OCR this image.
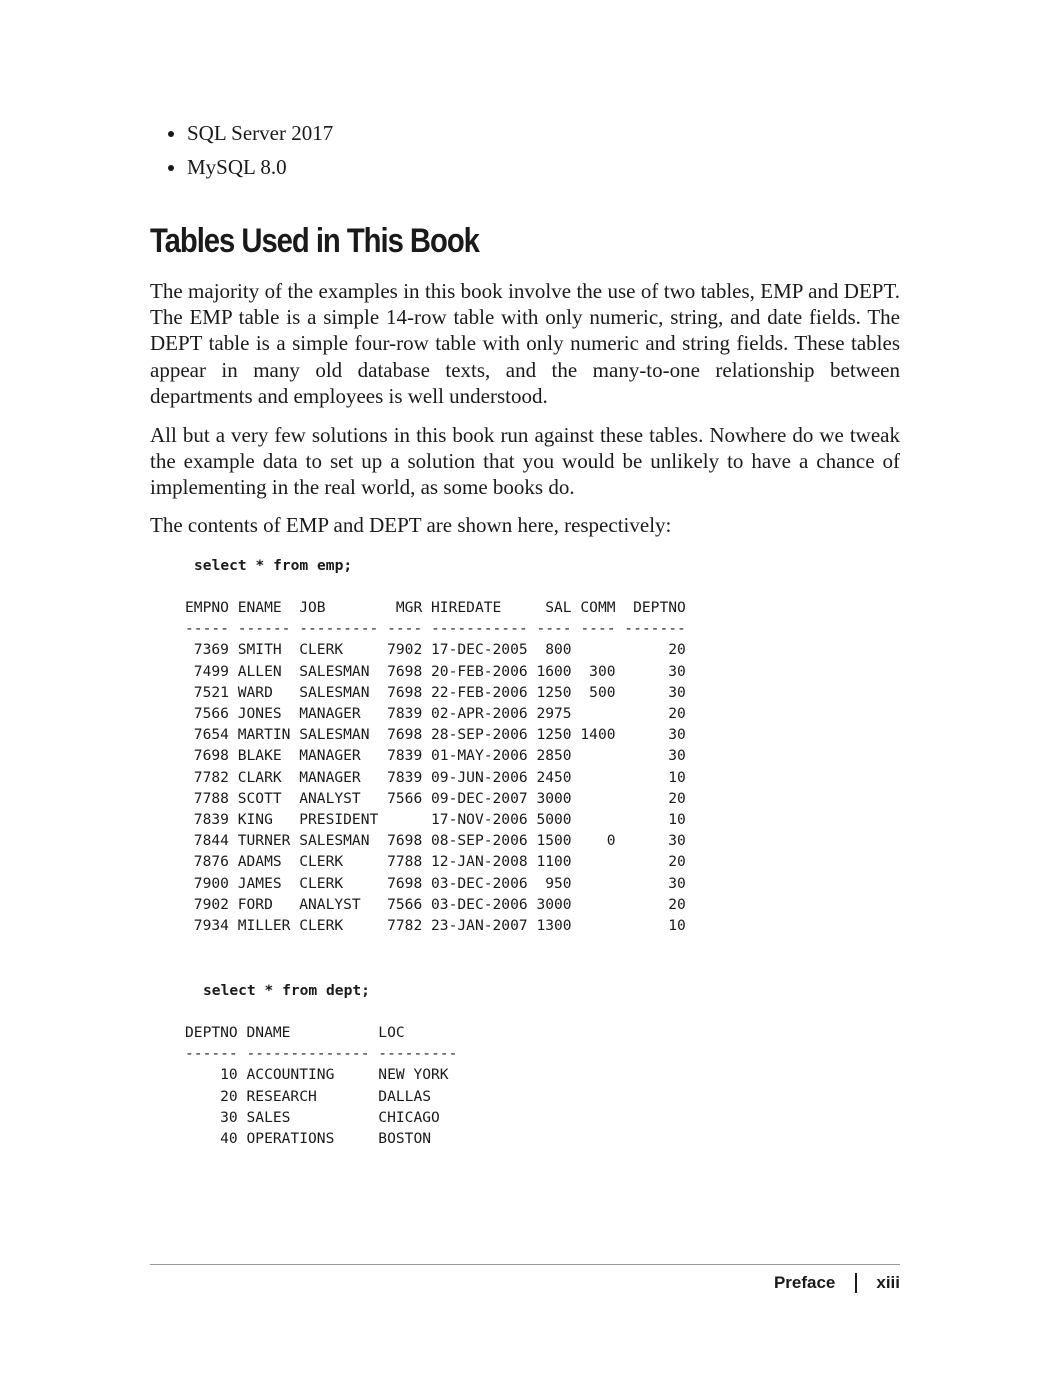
• SQL Server 2017
• MySQL 8.0
Tables Used in This Book

The majority of the examples in this book involve the use of two tables, EMP and DEPT. The EMP table is a simple 14-row table with only numeric, string, and date fields. The DEPT table is a simple four-row table with only numeric and string fields. These tables appear in many old database texts, and the many-to-one relationship between departments and employees is well understood.

All but a very few solutions in this book run against these tables. Nowhere do we tweak the example data to set up a solution that you would be unlikely to have a chance of implementing in the real world, as some books do.

The contents of EMP and DEPT are shown here, respectively:

select * from emp;
EMPNO ENAME  JOB        MGR HIREDATE     SAL COMM  DEPTNO
----- ------ --------- ---- ----------- ---- ---- -------
7369 SMITH  CLERK     7902 17-DEC-2005  800           20
7499 ALLEN  SALESMAN  7698 20-FEB-2006 1600  300      30
7521 WARD   SALESMAN  7698 22-FEB-2006 1250  500      30
7566 JONES  MANAGER   7839 02-APR-2006 2975           20
7654 MARTIN SALESMAN  7698 28-SEP-2006 1250 1400      30
7698 BLAKE  MANAGER   7839 01-MAY-2006 2850           30
7782 CLARK  MANAGER   7839 09-JUN-2006 2450           10
7788 SCOTT  ANALYST   7566 09-DEC-2007 3000           20
7839 KING   PRESIDENT      17-NOV-2006 5000           10
7844 TURNER SALESMAN  7698 08-SEP-2006 1500    0      30
7876 ADAMS  CLERK     7788 12-JAN-2008 1100           20
7900 JAMES  CLERK     7698 03-DEC-2006  950           30
7902 FORD   ANALYST   7566 03-DEC-2006 3000           20
7934 MILLER CLERK     7782 23-JAN-2007 1300           10
select * from dept;
DEPTNO DNAME          LOC
------ -------------- ---------
10 ACCOUNTING     NEW YORK
20 RESEARCH       DALLAS
30 SALES          CHICAGO
40 OPERATIONS     BOSTON
Preface xiii
